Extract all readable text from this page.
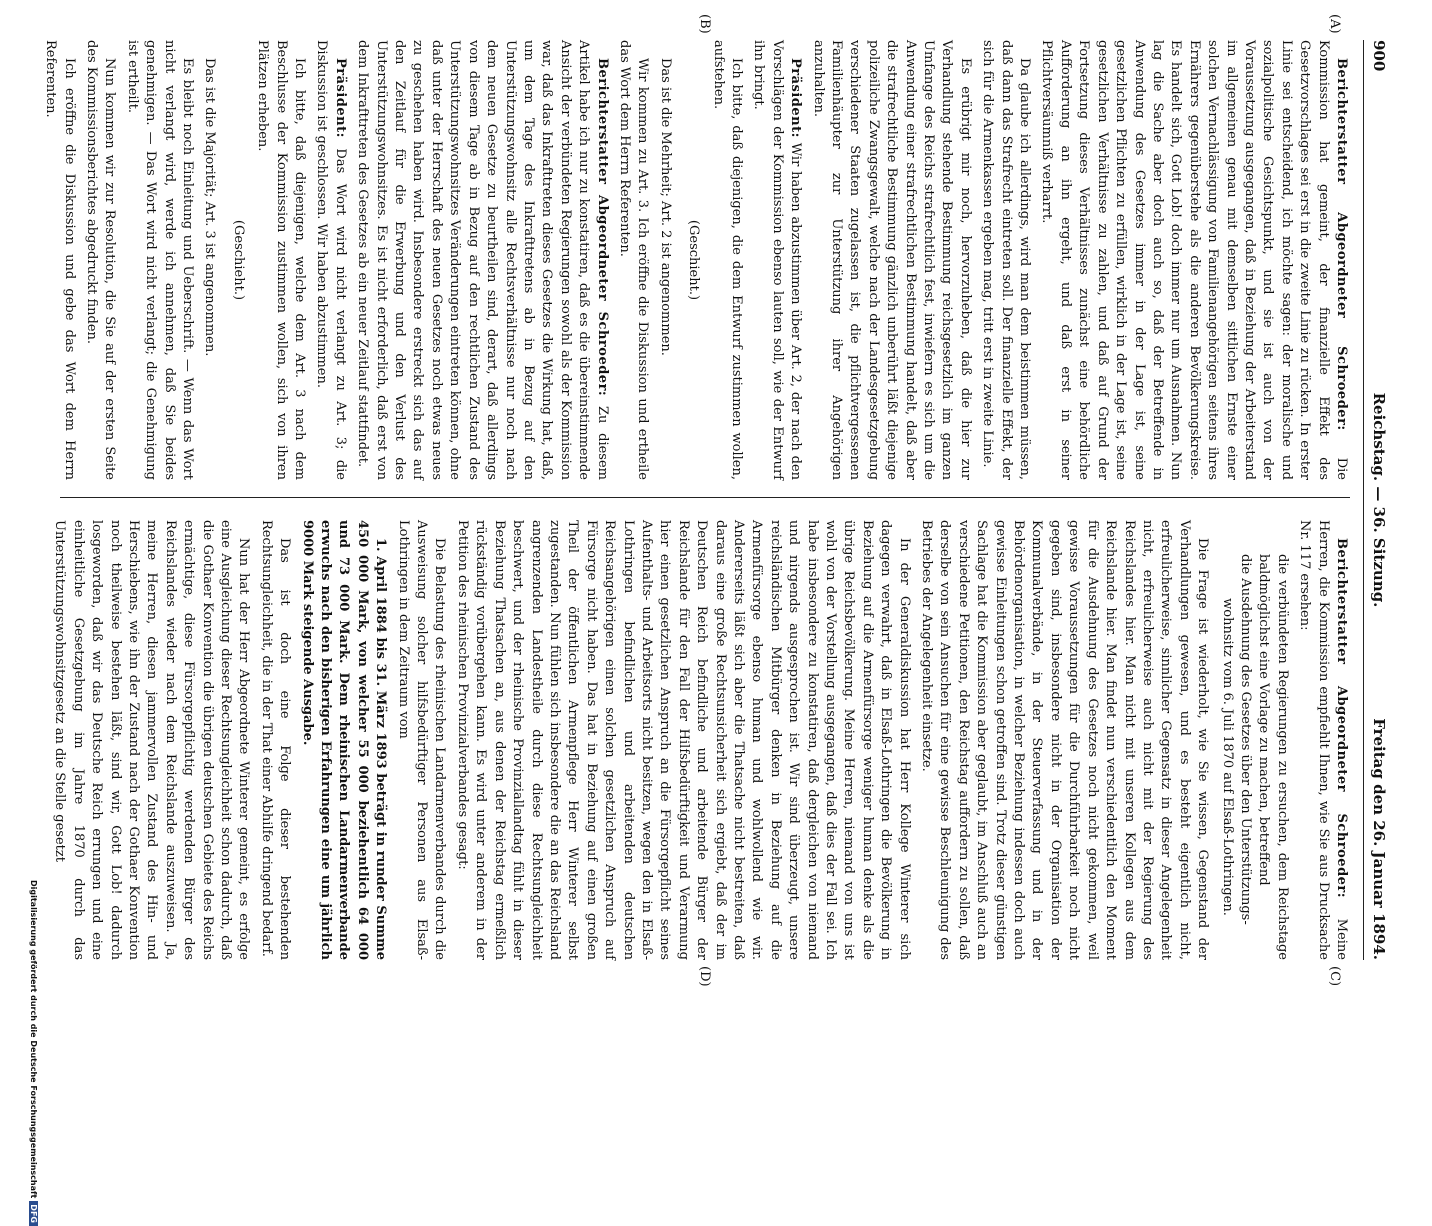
900
Reichstag. — 36. Sitzung.
Freitag den 26. Januar 1894.
(A)
(B)
(C)
(D)

Berichterstatter Abgeordneter Schroeder: Die Kommission hat gemeint, der finanzielle Effekt des Gesetzvorschlages sei erst in die zweite Linie zu rücken. In erster Linie sei entscheidend, ich möchte sagen: der moralische und sozialpolitische Gesichtspunkt, und sie ist auch von der Voraussetzung ausgegangen, daß in Beziehung der Arbeiterstand im allgemeinen genau mit demselben sittlichen Ernste einer solchen Vernachlässigung von Familienangehörigen seitens ihres Ernährers gegenüberstehe als die anderen Bevölkerungskreise. Es handelt sich, Gott Lob! doch immer nur um Ausnahmen. Nun lag die Sache aber doch auch so, daß der Betreffende in Anwendung des Gesetzes immer in der Lage ist, seine gesetzlichen Pflichten zu erfüllen, wirklich in der Lage ist, seine gesetzlichen Verhältnisse zu zahlen, und daß auf Grund der Fortsetzung dieses Verhältnisses zunächst eine behördliche Aufforderung an ihn ergeht, und daß erst in seiner Pflichtversäumniß verharrt.

Da glaube ich allerdings, wird man dem beistimmen müssen, daß dann das Strafrecht eintreten soll. Der finanzielle Effekt, der sich für die Armenkassen ergeben mag, tritt erst in zweite Linie.

Es erübrigt mir noch, hervorzuheben, daß die hier zur Verhandlung stehende Bestimmung reichsgesetzlich im ganzen Umfange des Reichs strafrechtlich fest, inwiefern es sich um die Anwendung einer strafrechtlichen Bestimmung handelt, daß aber die strafrechtliche Bestimmung gänzlich unberührt läßt diejenige polizeiliche Zwangsgewalt, welche nach der Landesgesetzgebung verschiedener Staaten zugelassen ist, die pflichtvergessenen Familienhäupter zur Unterstützung ihrer Angehörigen anzuhalten.

Präsident: Wir haben abzustimmen über Art. 2, der nach den Vorschlägen der Kommission ebenso lauten soll, wie der Entwurf ihn bringt.

Ich bitte, daß diejenigen, die dem Entwurf zustimmen wollen, aufstehen.

(Geschieht.)

Das ist die Mehrheit; Art. 2 ist angenommen.

Wir kommen zu Art. 3. Ich eröffne die Diskussion und ertheile das Wort dem Herrn Referenten.

Berichterstatter Abgeordneter Schroeder: Zu diesem Artikel habe ich nur zu konstatiren, daß es die übereinstimmende Ansicht der verbündeten Regierungen sowohl als der Kommission war, daß das Inkrafttreten dieses Gesetzes die Wirkung hat, daß, um dem Tage des Inkrafttretens ab in Bezug auf den Unterstützungswohnsitz alle Rechtsverhältnisse nur noch nach dem neuen Gesetze zu beurtheilen sind, derart, daß allerdings von diesem Tage ab in Bezug auf den rechtlichen Zustand des Unterstützungswohnsitzes Veränderungen eintreten können, ohne daß unter der Herrschaft des neuen Gesetzes noch etwas neues zu geschehen haben wird. Insbesondere erstreckt sich das auf den Zeitlauf für die Erwerbung und den Verlust des Unterstützungswohnsitzes. Es ist nicht erforderlich, daß erst von dem Inkrafttreten des Gesetzes ab ein neuer Zeitlauf stattfindet.

Präsident: Das Wort wird nicht verlangt zu Art. 3; die Diskussion ist geschlossen. Wir haben abzustimmen.

Ich bitte, daß diejenigen, welche dem Art. 3 nach dem Beschlusse der Kommission zustimmen wollen, sich von ihren Plätzen erheben.

(Geschieht.)

Das ist die Majorität; Art. 3 ist angenommen.

Es bleibt noch Einleitung und Ueberschrift. — Wenn das Wort nicht verlangt wird, werde ich annehmen, daß Sie beides genehmigen. — Das Wort wird nicht verlangt; die Genehmigung ist ertheilt.

Nun kommen wir zur Resolution, die Sie auf der ersten Seite des Kommissionsberichtes abgedruckt finden.

Ich eröffne die Diskussion und gebe das Wort dem Herrn Referenten.

Berichterstatter Abgeordneter Schroeder: Meine Herren, die Kommission empfiehlt Ihnen, wie Sie aus Drucksache Nr. 117 ersehen:

die verbündeten Regierungen zu ersuchen, dem Reichstage baldmöglichst eine Vorlage zu machen, betreffend
die Ausdehnung des Gesetzes über den Unterstützungs-
wohnsitz vom 6. Juli 1870 auf Elsaß-Lothringen.

Die Frage ist wiederholt, wie Sie wissen, Gegenstand der Verhandlungen gewesen, und es besteht eigentlich nicht, erfreulicherweise, sinnlicher Gegensatz in dieser Angelegenheit nicht, erfreulicherweise auch nicht mit der Regierung des Reichslandes hier. Man nicht mit unseren Kollegen aus dem Reichslande hier. Man findet nun verschiedentlich den Moment für die Ausdehnung des Gesetzes noch nicht gekommen, weil gewisse Voraussetzungen für die Durchführbarkeit noch nicht gegeben sind, insbesondere nicht in der Organisation der Kommunalverbände, in der Steuerverfassung und in der Behördenorganisation, in welcher Beziehung indessen doch auch gewisse Einleitungen schon getroffen sind. Trotz dieser günstigen Sachlage hat die Kommission aber geglaubt, im Anschluß auch an verschiedene Petitionen, den Reichstag auffordern zu sollen, daß derselbe von sein Ansuchen für eine gewisse Beschleunigung des Betriebes der Angelegenheit einsetze.

In der Generaldiskussion hat Herr Kollege Winterer sich dagegen verwahrt, daß in Elsaß-Lothringen die Bevölkerung in Beziehung auf die Armenfürsorge weniger human denke als die übrige Reichsbevölkerung. Meine Herren, niemand von uns ist wohl von der Vorstellung ausgegangen, daß dies der Fall sei. Ich habe insbesondere zu konstatiren, daß dergleichen von niemand und nirgends ausgesprochen ist. Wir sind überzeugt, unsere reichsländischen Mitbürger denken in Beziehung auf die Armenfürsorge ebenso human und wohlwollend wie wir. Andererseits läßt sich aber die Thatsache nicht bestreiten, daß daraus eine große Rechtsunsicherheit sich ergiebt, daß der im Deutschen Reich befindliche und arbeitende Bürger der Reichslande für den Fall der Hilfsbedürftigkeit und Verarmung hier einen gesetzlichen Anspruch an die Fürsorgepflicht seines Aufenthalts- und Arbeitsorts nicht besitzen, wegen den in Elsaß-Lothringen befindlichen und arbeitenden deutschen Reichsangehörigen einen solchen gesetzlichen Anspruch auf Fürsorge nicht haben. Das hat in Beziehung auf einen großen Theil der öffentlichen Armenpflege Herr Winterer selbst zugestanden. Nun fühlen sich insbesondere die an das Reichsland angrenzenden Landestheile durch diese Rechtsungleichheit beschwert, und der rheinische Provinziallandtag fühlt in dieser Beziehung Thatsachen an, aus denen der Reichstag ermeßlich rückständig vorübergehen kann. Es wird unter anderem in der Petition des rheinischen Provinzialverbandes gesagt:

Die Belastung des rheinischen Landarmenverbandes durch die Ausweisung solcher hilfsbedürftiger Personen aus Elsaß-Lothringen in dem Zeitraum vom

1. April 1884 bis 31. März 1893 beträgt in runder Summe 450 000 Mark, von welcher 55 000 beziehentlich 64 000 und 73 000 Mark. Dem rheinischen Landarmenverbande erwuchs nach den bisherigen Erfahrungen eine um jährlich 9000 Mark steigende Ausgabe.

Das ist doch eine Folge dieser bestehenden Rechtsungleichheit, die in der That einer Abhilfe dringend bedarf.

Nun hat der Herr Abgeordnete Winterer gemeint, es erfolge eine Ausgleichung dieser Rechtsungleichheit schon dadurch, daß die Gothaer Konvention die übrigen deutschen Gebiete des Reichs ermächtige, diese Fürsorgepflichtig werdenden Bürger des Reichslandes wieder nach dem Reichslande auszuweisen. Ja, meine Herren, diesen jammervollen Zustand des Hin- und Herschiebens, wie ihn der Zustand nach der Gothaer Konvention noch theilweise bestehen läßt, sind wir, Gott Lob! dadurch losgeworden, daß wir das Deutsche Reich errungen und eine einheitliche Gesetzgebung im Jahre 1870 durch das Unterstützungswohnsitzgesetz an die Stelle gesetzt

Digitalisierung gefördert durch die Deutsche ForschungsgemeinschaftDFG
